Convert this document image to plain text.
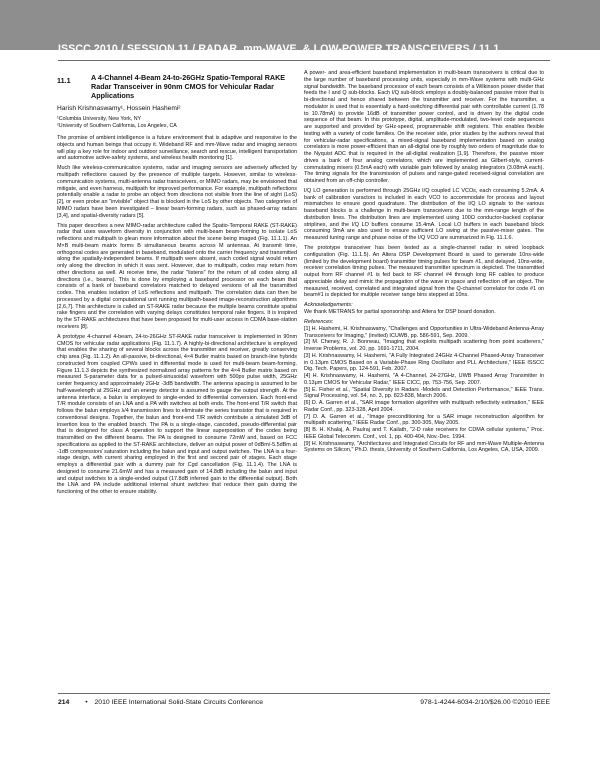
ISSCC 2010 / SESSION 11 / RADAR, mm-WAVE, & LOW-POWER TRANSCEIVERS / 11.1
11.1	A 4-Channel 4-Beam 24-to-26GHz Spatio-Temporal RAKE Radar Transceiver in 90nm CMOS for Vehicular Radar Applications
Harish Krishnaswamy¹, Hossein Hashemi²
¹Columbia University, New York, NY
²University of Southern California, Los Angeles, CA

The promise of ambient intelligence is a future environment that is adaptive and responsive to the objects and human beings that occupy it. Wideband RF and mm-Wave radar and imaging sensors will play a key role for indoor and outdoor surveillance, search and rescue, intelligent transportation and automotive active-safety systems, and wireless health monitoring [1].

Much like wireless-communication systems, radar and imaging sensors are adversely affected by multipath reflections caused by the presence of multiple targets. However, similar to wireless-communication systems, multi-antenna radar transceivers, or MIMO radars, may be envisioned that mitigate, and even harness, multipath for improved performance. For example, multipath reflections potentially enable a radar to probe an object from directions not visible from the line of sight (LoS) [2], or even probe an "invisible" object that is blocked in the LoS by other objects. Two categories of MIMO radars have been investigated – linear beam-forming radars, such as phased-array radars [3,4], and spatial-diversity radars [5].

This paper describes a new MIMO-radar architecture called the Spatio-Temporal RAKE (ST-RAKE) radar that uses waveform diversity in conjunction with multi-beam beam-forming to isolate LoS reflections and multipath to glean more information about the scene being imaged (Fig. 11.1.1). An M×B multi-beam matrix forms B simultaneous beams across M antennas. At transmit time, orthogonal codes are generated in baseband, modulated onto the carrier frequency and transmitted along the spatially-independent beams. If multipath were absent, each coded signal would return only along the direction in which it was sent. However, due to multipath, codes may return from other directions as well. At receive time, the radar "listens" for the return of all codes along all directions (i.e., beams). This is done by employing a baseband processor on each beam that consists of a bank of baseband correlators matched to delayed versions of all the transmitted codes. This enables isolation of LoS reflections and multipath. The correlation data can then be processed by a digital computational unit running multipath-based image-reconstruction algorithms [2,6,7]. This architecture is called an ST-RAKE radar because the multiple beams constitute spatial rake fingers and the correlation with varying delays constitutes temporal rake fingers. It is inspired by the ST-RAKE architectures that have been proposed for multi-user access in CDMA base-station receivers [8].

A prototype 4-channel 4-beam, 24-to-26GHz ST-RAKE radar transceiver is implemented in 90nm CMOS for vehicular radar applications (Fig. 11.1.7). A highly-bi-directional architecture is employed that enables the sharing of several blocks across the transmitter and receiver, greatly conserving chip area (Fig. 11.1.2). An all-passive, bi-directional, 4×4 Butler matrix based on branch-line hybrids constructed from coupled CPWs used in differential mode is used for multi-beam beam-forming. Figure 11.1.3 depicts the synthesized normalized array patterns for the 4×4 Butler matrix based on measured S-parameter data for a pulsed-sinusoidal waveform with 500ps pulse width, 25GHz center frequency and approximately 2GHz -3dB bandwidth. The antenna spacing is assumed to be half-wavelength at 25GHz and an energy detector is assumed to gauge the output strength. At the antenna interface, a balun is employed to single-ended to differential conversion. Each front-end T/R module consists of an LNA and a PA with switches at both ends. The front-end T/R switch that follows the balun employs λ/4 transmission lines to eliminate the series transistor that is required in conventional designs. Together, the balun and front-end T/R switch contribute a simulated 3dB of insertion loss to the enabled branch. The PA is a single-stage, cascoded, pseudo-differential pair that is designed for class A operation to support the linear superposition of the codes being transmitted on the different beams. The PA is designed to consume 72mW and, based on FCC specifications as applied to the ST-RAKE architecture, deliver an output power of 0dBm/-5.5dBm at -1dB compression/ saturation including the balun and input and output switches. The LNA is a four-stage design, with current sharing employed in the first and second pair of stages. Each stage employs a differential pair with a dummy pair for Cgd cancellation (Fig. 11.1.4). The LNA is designed to consume 21.6mW and has a measured gain of 14.8dB including the balun and input and output switches to a single-ended output (17.8dB inferred gain to the differential output). Both the LNA and PA include additional internal shunt switches that reduce their gain during the functioning of the other to ensure stability.

A power- and area-efficient baseband implementation in multi-beam transceivers is critical due to the large number of baseband processing units, especially in mm-Wave systems with multi-GHz signal bandwidth. The baseband processor of each beam consists of a Wilkinson power divider that feeds the I and Q sub-blocks. Each I/Q sub-block employs a doubly-balanced passive mixer that is bi-directional and hence shared between the transmitter and receiver. For the transmitter, a modulator is used that is essentially a hard-switching differential pair with controllable current (1.78 to 10.78mA) to provide 16dB of transmitter power control, and is driven by the digital code sequence of that beam. In this prototype, digital, amplitude-modulated, two-level code sequences are supported and provided by GHz-speed, programmable shift registers. This enables flexible testing with a variety of code families. On the receiver side, prior studies by the authors reveal that for vehicular-radar specifications, a mixed-signal baseband implementation based on analog correlators is more power-efficient than an all-digital one by roughly two orders of magnitude due to the Nyquist ADC that is required in the all-digital realization [1,9]. Therefore, the passive mixer drives a bank of four analog correlators, which are implemented as Gilbert-style, current-commutating mixers (0.5mA each) with variable gain followed by analog integrators (3.08mA each). The timing signals for the transmission of pulses and range-gated received-signal correlation are obtained from an off-chip controller.

I/Q LO generation is performed through 25GHz I/Q coupled LC VCOs, each consuming 5.2mA. A bank of calibration varactors is included in each VCO to accommodate for process and layout mismatches to ensure good quadrature. The distribution of the I/Q LO signals to the various baseband blocks is a challenge in multi-beam transceivers due to the mm-range length of the distribution lines. The distribution lines are implemented using 100Ω conductor-backed coplanar striplines, and the I/Q LO buffers consume 15.4mA. Local LO buffers in each baseband block consuming 9mA are also used to ensure sufficient LO swing at the passive-mixer gates. The measured tuning range and phase noise of the I/Q VCO are summarized in Fig. 11.1.6.

The prototype transceiver has been tested as a single-channel radar in wired loopback configuration (Fig. 11.1.5). An Altera DSP Development Board is used to generate 10ns-wide (limited by the development board) transmitter timing pulses for beam #1, and delayed, 10ns-wide, receiver correlation timing pulses. The measured transmitter spectrum is depicted. The transmitted output from RF channel #1 is fed back to RF channel #4 through long RF cables to produce appreciable delay and mimic the propagation of the wave in space and reflection off an object. The measured, received, correlated and integrated signal from the Q-channel correlator for code #1 on beam#1 is depicted for multiple receiver range bins stepped at 10ns.

Acknowledgements:

We thank METRANS for partial sponsorship and Altera for DSP board donation.

References:

[1] H. Hashemi, H. Krishnaswamy, "Challenges and Opportunities in Ultra-Wideband Antenna-Array Transceivers for Imaging," (invited) ICUWB, pp. 586-591, Sep. 2009.

[2] M. Cheney, R. J. Bonneau, "Imaging that exploits multipath scattering from point scatterers," Inverse Problems, vol. 20, pp. 1691-1711, 2004.

[3] H. Krishnaswamy, H. Hashemi, "A Fully Integrated 24GHz 4-Channel Phased-Array Transceiver in 0.13μm CMOS Based on a Variable-Phase Ring Oscillator and PLL Architecture," IEEE ISSCC Dig. Tech. Papers, pp. 124-591, Feb. 2007.

[4] H. Krishnaswamy, H. Hashemi, "A 4-Channel, 24-27GHz, UWB Phased Array Transmitter in 0.13μm CMOS for Vehicular Radar," IEEE CICC, pp. 753-756, Sep. 2007.

[5] E. Fisher et al., "Spatial Diversity in Radars -Models and Detection Performance," IEEE Trans. Signal Processing, vol. 54, no. 3, pp. 823-838, March 2006.

[6] D. A. Garren et al., "SAR image formation algorithm with multipath reflectivity estimation," IEEE Radar Conf., pp. 323-328, April 2004.

[7] D. A. Garren et al., "Image preconditioning for a SAR image reconstruction algorithm for multipath scattering," IEEE Radar Conf., pp. 300-305, May 2005.

[8] B. H. Khalaj, A. Paulraj and T. Kailath, "2-D rake receivers for CDMA cellular systems," Proc. IEEE Global Telecomm. Conf., vol. 1, pp. 400-404, Nov.-Dec. 1994.

[9] H. Krishnaswamy, "Architectures and Integrated Circuits for RF and mm-Wave Multiple-Antenna Systems on Silicon," Ph.D. thesis, University of Southern California, Los Angeles, CA, USA, 2009.

214 • 2010 IEEE International Solid-State Circuits Conference	978-1-4244-6034-2/10/$26.00 ©2010 IEEE
